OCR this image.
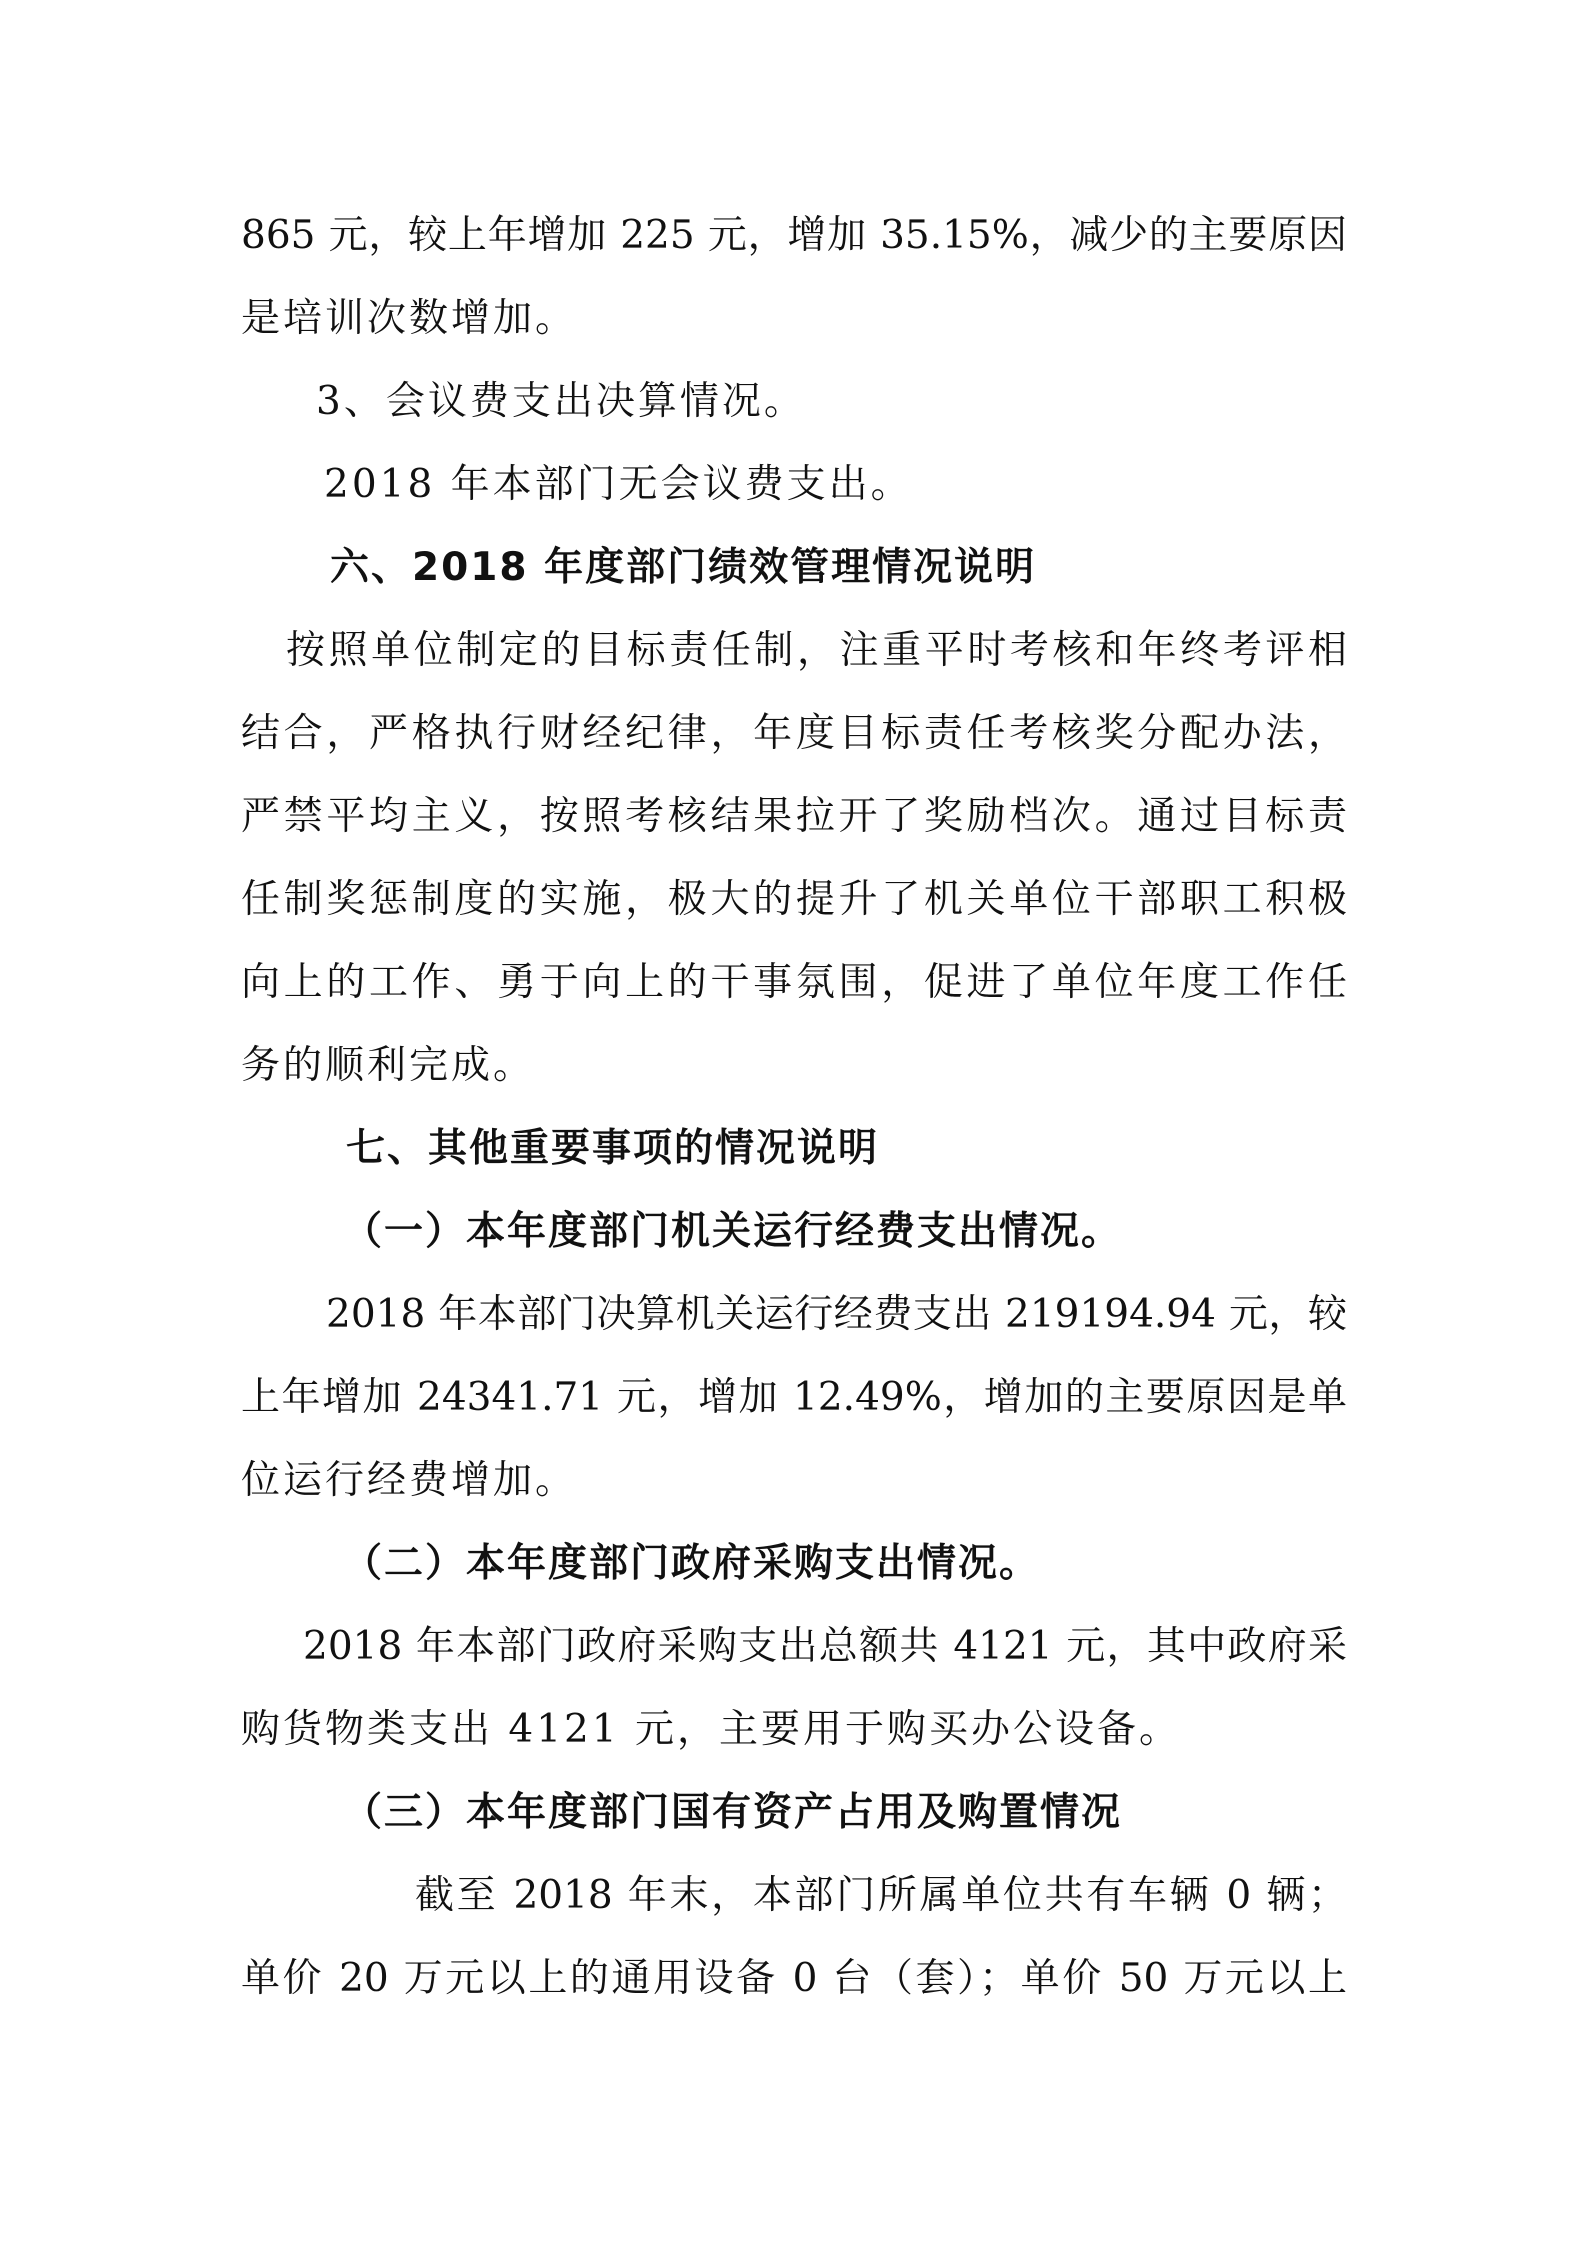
865 元，较上年增加 225 元，增加 35.15%，减少的主要原因
是培训次数增加。
3、会议费支出决算情况。
2018 年本部门无会议费支出。
六、2018 年度部门绩效管理情况说明
按照单位制定的目标责任制，注重平时考核和年终考评相
结合，严格执行财经纪律，年度目标责任考核奖分配办法，
严禁平均主义，按照考核结果拉开了奖励档次。通过目标责
任制奖惩制度的实施，极大的提升了机关单位干部职工积极
向上的工作、勇于向上的干事氛围，促进了单位年度工作任
务的顺利完成。
七、其他重要事项的情况说明
（一）本年度部门机关运行经费支出情况。
2018 年本部门决算机关运行经费支出 219194.94 元，较
上年增加 24341.71 元，增加 12.49%，增加的主要原因是单
位运行经费增加。
（二）本年度部门政府采购支出情况。
2018 年本部门政府采购支出总额共 4121 元，其中政府采
购货物类支出 4121 元，主要用于购买办公设备。
（三）本年度部门国有资产占用及购置情况
截至 2018 年末，本部门所属单位共有车辆 0 辆；
单价 20 万元以上的通用设备 0 台（套）；单价 50 万元以上
